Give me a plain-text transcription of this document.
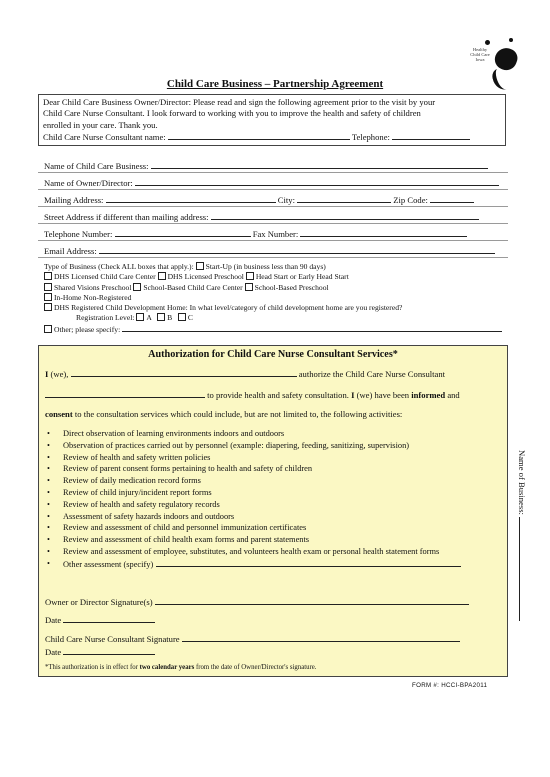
Healthy
Child Care
Iowa
Child Care Business – Partnership Agreement
Dear Child Care Business Owner/Director: Please read and sign the following agreement prior to the visit by your
Child Care Nurse Consultant. I look forward to working with you to improve the health and safety of children
enrolled in your care. Thank you.
Child Care Nurse Consultant name:	Telephone:
Name of Child Care Business:
Name of Owner/Director:
Mailing Address:	City:	Zip Code:
Street Address if different than mailing address:
Telephone Number:	Fax Number:
Email Address:
Type of Business (Check ALL boxes that apply.): Start-Up (in business less than 90 days)
DHS Licensed Child Care Center DHS Licensed Preschool Head Start or Early Head Start
Shared Visions Preschool School-Based Child Care Center School-Based Preschool
In-Home Non-Registered
DHS Registered Child Development Home: In what level/category of child development home are you registered?
Registration Level: A B C
Other; please specify:
Authorization for Child Care Nurse Consultant Services*
I (we),	authorize the Child Care Nurse Consultant
to provide health and safety consultation. I (we) have been informed and
consent to the consultation services which could include, but are not limited to, the following activities:
• Direct observation of learning environments indoors and outdoors
• Observation of practices carried out by personnel (example: diapering, feeding, sanitizing, supervision)
• Review of health and safety written policies
• Review of parent consent forms pertaining to health and safety of children
• Review of daily medication record forms
• Review of child injury/incident report forms
• Review of health and safety regulatory records
• Assessment of safety hazards indoors and outdoors
• Review and assessment of child and personnel immunization certificates
• Review and assessment of child health exam forms and parent statements
• Review and assessment of employee, substitutes, and volunteers health exam or personal health statement forms
• Other assessment (specify)
Owner or Director Signature(s)
Date
Child Care Nurse Consultant Signature
Date
*This authorization is in effect for two calendar years from the date of Owner/Director's signature.
Name of Business:
FORM #: HCCI-BPA2011
